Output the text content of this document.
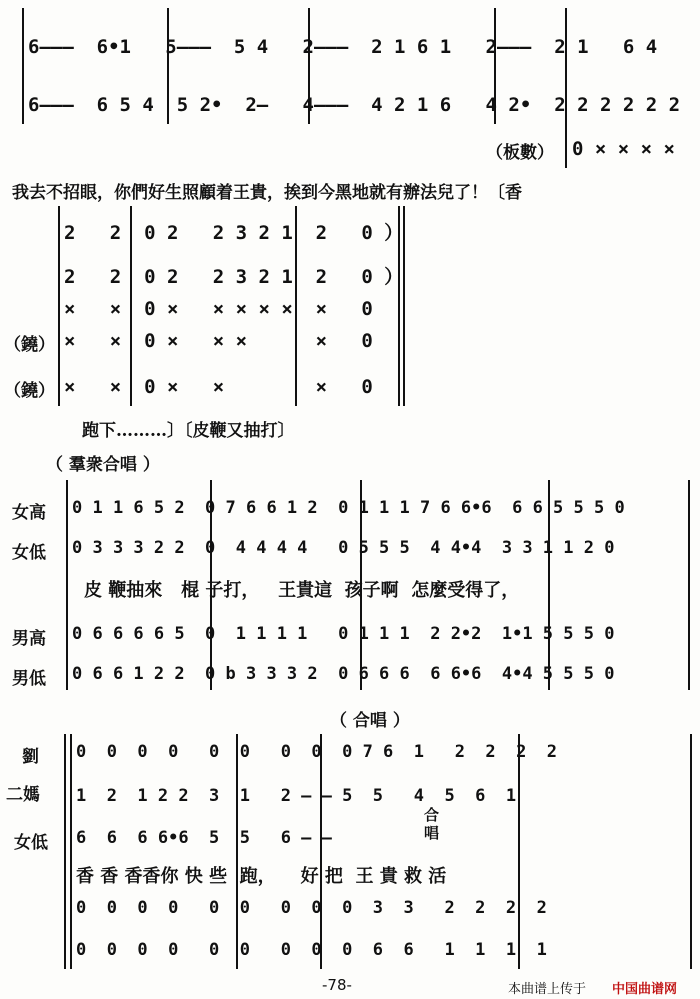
6———  6•1   5———  5 4   2———  2 1 6 1   2———  2 1   6 4
6———  6 5 4  5 2•  2—   4———  4 2 1 6   4 2•  2 2 2 2 2 2
（板數） 0 × × × ×
我去不招眼，你們好生照顧着王貴，挨到今黑地就有辦法兒了！〔香
（鐃）
（鐃）
2   2  0 2   2 3 2 1  2   0 ）
2   2  0 2   2 3 2 1  2   0 ）
×   ×  0 ×   × × × ×  ×   0
×   ×  0 ×   × ×      ×   0
×   ×  0 ×   ×        ×   0
跑下………〕〔皮鞭又抽打〕
（ 羣衆合唱 ）
女高
女低
男高
男低
0 1 1 6 5 2  0 7 6 6 1 2  0 1 1 1 7 6 6•6  6 6 5 5 5 0
0 3 3 3 2 2  0  4 4 4 4   0 5 5 5  4 4•4  3 3 1 1 2 0
皮 鞭抽來   棍 子打，   王貴這  孩子啊  怎麼受得了，
0 6 6 6 6 5  0  1 1 1 1   0 1 1 1  2 2•2  1•1 5 5 5 0
0 6 6 1 2 2  0 b 3 3 3 2  0 6 6 6  6 6•6  4•4 5 5 5 0
（ 合唱 ）
劉
二媽
女低
0  0  0  0   0  0   0  0  0 7 6  1   2  2  2  2
1  2  1 2 2  3  1   2 — — 5  5   4  5  6  1
6  6  6 6•6  5  5   6 — —
香 香 香香你 快 些  跑，    好 把  王 貴 救 活
0  0  0  0   0  0   0  0  0  3  3   2  2  2  2
0  0  0  0   0  0   0  0  0  6  6   1  1  1  1
合唱
-78-	本曲谱上传于 中国曲谱网
